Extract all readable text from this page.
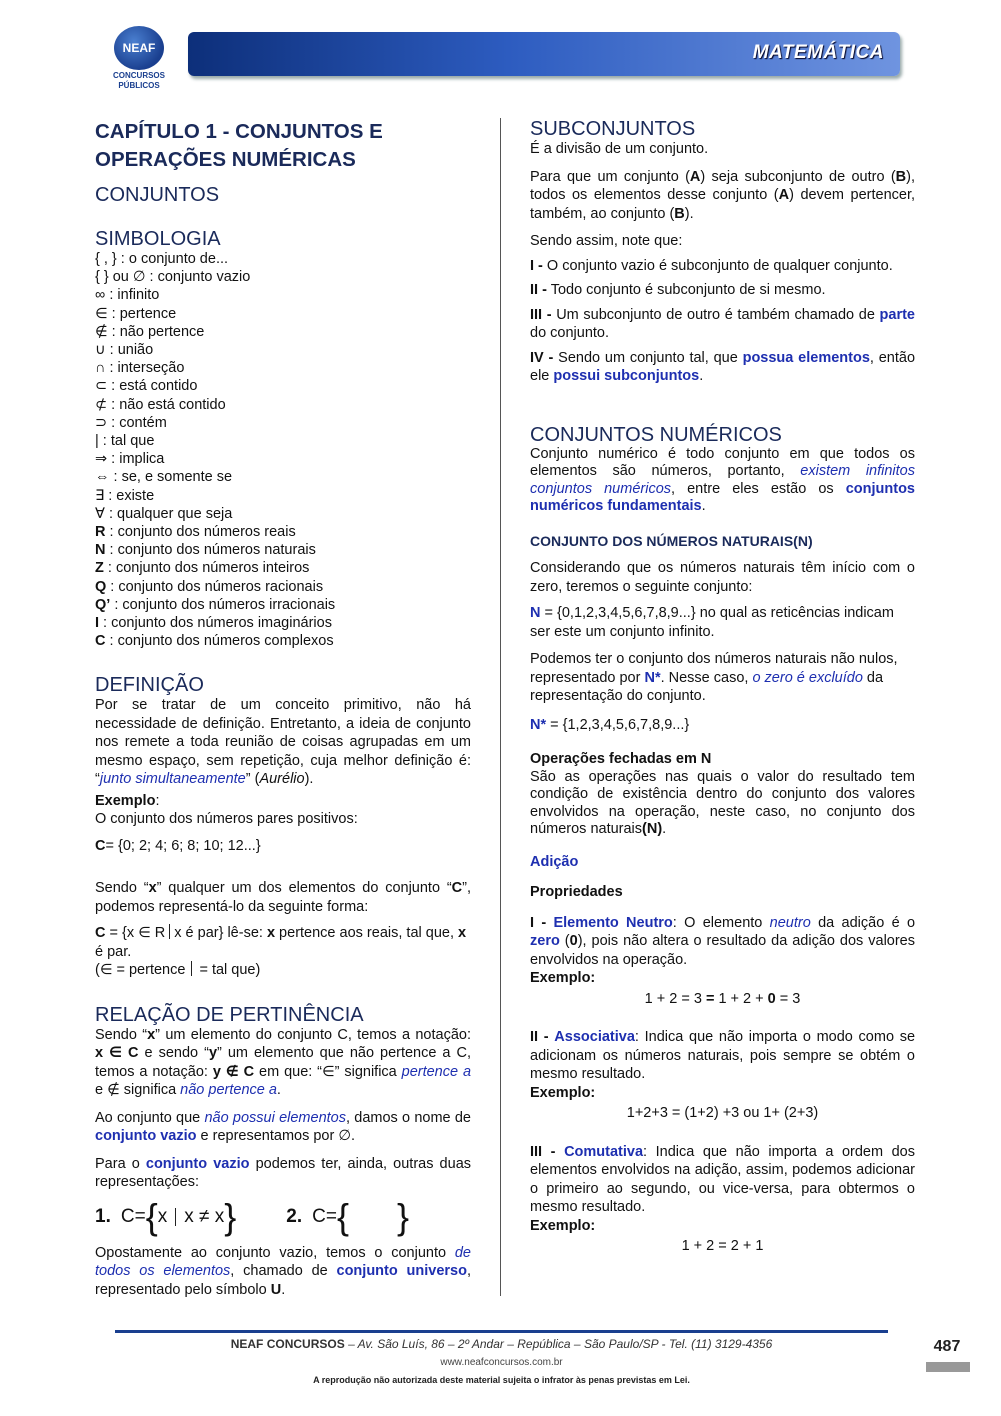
NEAF
CONCURSOS
PÚBLICOS
MATEMÁTICA
CAPÍTULO 1 - CONJUNTOS E OPERAÇÕES NUMÉRICAS
CONJUNTOS
SIMBOLOGIA

{ , } : o conjunto de...

{ } ou ∅ : conjunto vazio

∞ : infinito

∈ : pertence

∉ : não pertence

∪ : união

∩ : interseção

⊂ : está contido

⊄ : não está contido

⊃ : contém

| : tal que

⇒ : implica

⇔ : se, e somente se

∃ : existe

∀ : qualquer que seja

R : conjunto dos números reais

N : conjunto dos números naturais

Z : conjunto dos números inteiros

Q : conjunto dos números racionais

Q’ : conjunto dos números irracionais

I : conjunto dos números imaginários

C : conjunto dos números complexos

DEFINIÇÃO

Por se tratar de um conceito primitivo, não há necessidade de definição. Entretanto, a ideia de conjunto nos remete a toda reunião de coisas agrupadas em um mesmo espaço, sem repetição, cuja melhor definição é: “junto simultaneamente” (Aurélio).

Exemplo:

O conjunto dos números pares positivos:

C= {0; 2; 4; 6; 8; 10; 12...}

Sendo “x” qualquer um dos elementos do conjunto “C”, podemos representá-lo da seguinte forma:

C = {x ∈ R x é par} lê-se: x pertence aos reais, tal que, x é par.

(∈ = pertence = tal que)

RELAÇÃO DE PERTINÊNCIA

Sendo “x” um elemento do conjunto C, temos a notação: x ∈ C e sendo “y” um elemento que não pertence a C, temos a notação: y ∉ C em que: “∈” significa pertence a e ∉ significa não pertence a.

Ao conjunto que não possui elementos, damos o nome de conjunto vazio e representamos por ∅.

Para o conjunto vazio podemos ter, ainda, outras duas representações:

1. C= { x x ≠ x }	2. C= { }

Opostamente ao conjunto vazio, temos o conjunto de todos os elementos, chamado de conjunto universo, representado pelo símbolo U.

SUBCONJUNTOS

É a divisão de um conjunto.

Para que um conjunto (A) seja subconjunto de outro (B), todos os elementos desse conjunto (A) devem pertencer, também, ao conjunto (B).

Sendo assim, note que:

I - O conjunto vazio é subconjunto de qualquer conjunto.

II - Todo conjunto é subconjunto de si mesmo.

III - Um subconjunto de outro é também chamado de parte do conjunto.

IV - Sendo um conjunto tal, que possua elementos, então ele possui subconjuntos.

CONJUNTOS NUMÉRICOS

Conjunto numérico é todo conjunto em que todos os elementos são números, portanto, existem infinitos conjuntos numéricos, entre eles estão os conjuntos numéricos fundamentais.

CONJUNTO DOS NÚMEROS NATURAIS(N)

Considerando que os números naturais têm início com o zero, teremos o seguinte conjunto:

N = {0,1,2,3,4,5,6,7,8,9...} no qual as reticências indicam ser este um conjunto infinito.

Podemos ter o conjunto dos números naturais não nulos, representado por N*. Nesse caso, o zero é excluído da representação do conjunto.

N* = {1,2,3,4,5,6,7,8,9...}

Operações fechadas em N

São as operações nas quais o valor do resultado tem condição de existência dentro do conjunto dos valores envolvidos na operação, neste caso, no conjunto dos números naturais(N).

Adição

Propriedades

I - Elemento Neutro: O elemento neutro da adição é o zero (0), pois não altera o resultado da adição dos valores envolvidos na operação.

Exemplo:

1 + 2 = 3 = 1 + 2 + 0 = 3

II - Associativa: Indica que não importa o modo como se adicionam os números naturais, pois sempre se obtém o mesmo resultado.

Exemplo:

1+2+3 = (1+2) +3 ou 1+ (2+3)

III - Comutativa: Indica que não importa a ordem dos elementos envolvidos na adição, assim, podemos adicionar o primeiro ao segundo, ou vice-versa, para obtermos o mesmo resultado.

Exemplo:

1 + 2 = 2 + 1

NEAF CONCURSOS – Av. São Luís, 86 – 2º Andar – República – São Paulo/SP - Tel. (11) 3129-4356
www.neafconcursos.com.br
A reprodução não autorizada deste material sujeita o infrator às penas previstas em Lei.
487
